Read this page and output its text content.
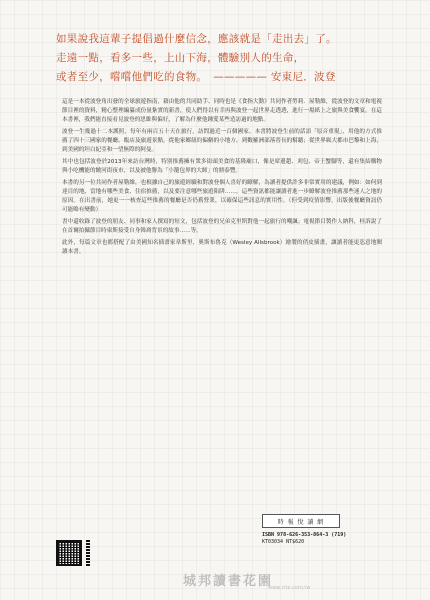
如果說我這輩子提倡過什麼信念，應該就是「走出去」了。

走遠一點，看多一些，上山下海，體驗別人的生命，

或者至少，嚐嚐他們吃的食物。 ————— 安東尼．波登

這是一本從波登角出發的全球旅遊指南，藉由他的共同助手、同時也是《食指大動》共同作者勞莉．屋勒維，從波登的文章和電視節目裡的資料，精心整理編纂成份量紮實的新書，使人們得以有幸再與波登一起世界走透透，進行一場紙上之旅與美食饗宴。在這本書裡，我們能直接看見波登的思維與偏好，了解為什麼他鍾愛某些造訪過的地點。

波登一生幾過十二本護照，每年有兩百五十天在旅行，訪問過近一百個國家。本書將波登生前的話語「原音重現」，用他的方式推薦了四十三國家的餐廳、飯店及旅遊景點，從他家鄉紐約偏僻的小地方，到數羅洲部落普長的幫聽；從世界級大都市巴黎和上海，到美國的坦白紀亞和一望無際的阿曼。

其中也包括波登於2013年來訪台灣時，特別推薦擁有衆多街頭美食的基隆廟口，像是席邊趙、刈包、帝王蟹腳等，還有集結購物與小吃機能的饒河街夜市，以及被他譽為「小籠包界的大師」的鼎泰豐。

本書的另一位共同作者屋勒維，也根據自己的旅遊經驗和對波登個人喜好的瞭解，為讀者提供許多非常實用的建議，例如：如何到達目的地、當地有哪些美食、住宿推薦，以及要注意哪些旅遊陷阱……，這些資訊都能讓讀者進一步瞭解波登推薦那些迷人之地的原因。在出書前，她更一一核查這些推薦的餐廳是否仍舊營業，以確保這些訊息的實用性。（但受到疫情影響，出版後餐廳資訊仍可能略有變動）

書中還收錄了波登的朋友、同事和家人撰寫的短文，包括波登的兄弟克里斯對他一起旅行的嘲諷；電視節目製作人納科，桂訴說了在首爾拍攝節目時柬斯接受自身韓裔背景的故事……等。

此外，每篇文章也都搭配了由美國知名插畫家韋斯里，奧斯布魯克（Wesley Allsbrook）繪製的俏皮插畫，讓讀者能更恣意地閱讀本書。

時 報 悅 讀 網
ISBN 978-626-353-864-3 (719)
KT03034 NT$620
城邦讀書花園
www.cite.com.tw
